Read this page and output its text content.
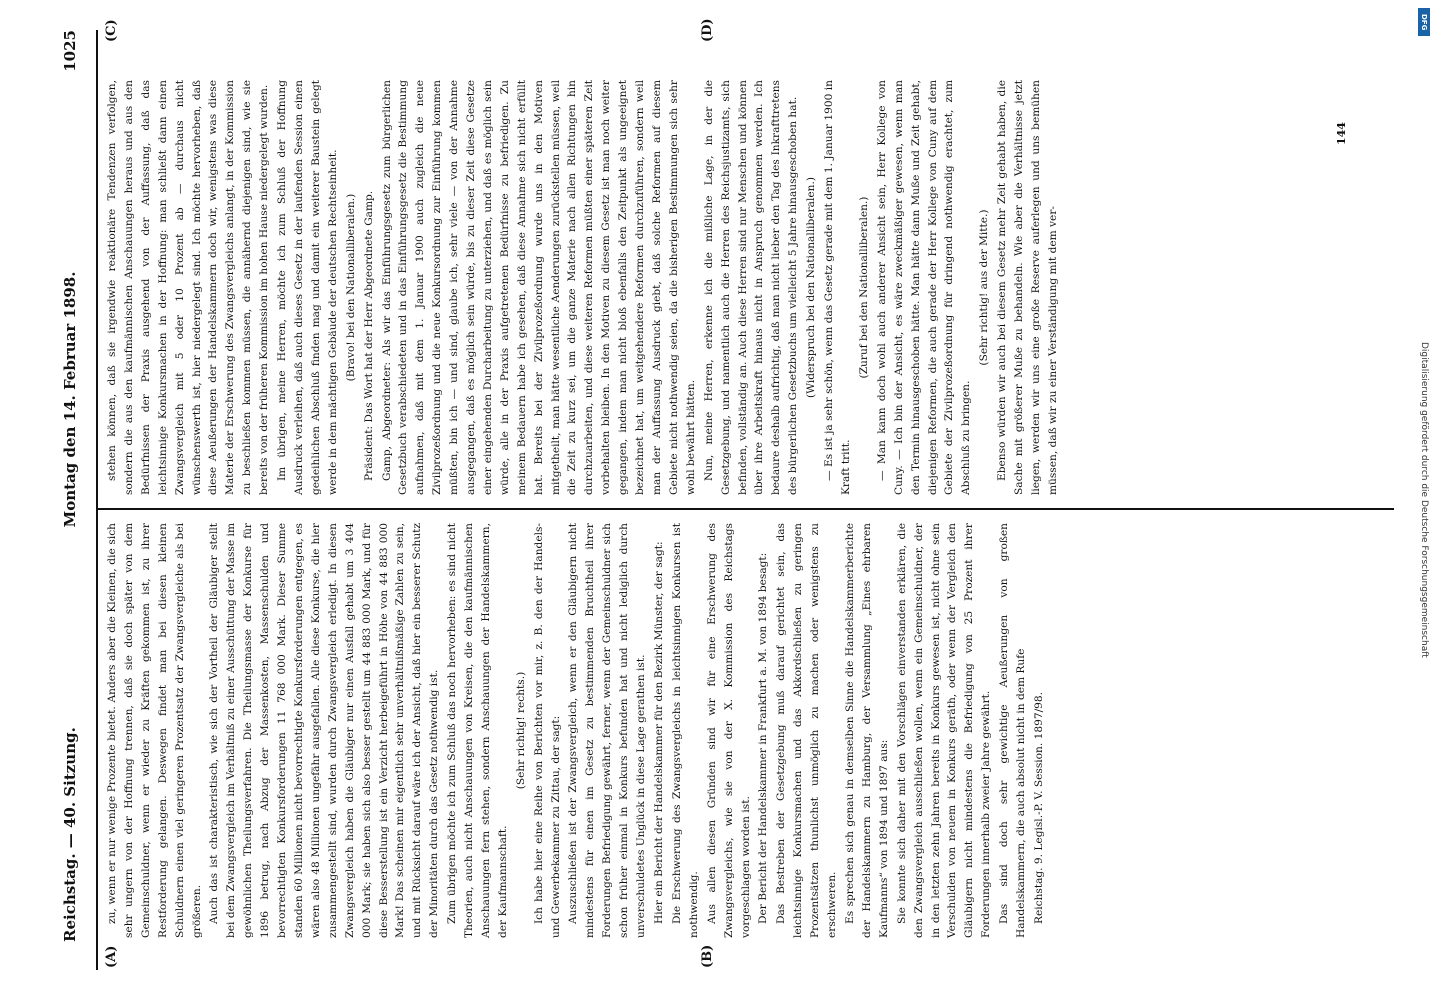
Reichstag. — 40. Sitzung.
Montag den 14. Februar 1898.
1025
(A)	(B)
(C)	(D)

zu, wenn er nur wenige Prozente bietet. Anders aber die Kleinen, die sich sehr ungern von der Hoffnung trennen, daß sie doch später von dem Gemeinschuldner, wenn er wieder zu Kräften gekommen ist, zu ihrer Restforderung gelangen. Deswegen findet man bei diesen kleinen Schuldnern einen viel geringeren Prozentsatz der Zwangsvergleiche als bei größeren. Auch das ist charakteristisch, wie sich der Vortheil der Gläubiger stellt bei dem Zwangsvergleich im Verhältniß zu einer Ausschüttung der Masse im gewöhnlichen Theilungsverfahren. Die Theilungsmasse der Konkurse für 1896 betrug, nach Abzug der Massenkosten, Massenschulden und bevorrechtigten Konkursforderungen 11 768 000 Mark. Dieser Summe standen 60 Millionen nicht bevorrechtigte Konkursforderungen entgegen, es wären also 48 Millionen ungefähr ausgefallen. Alle diese Konkurse, die hier zusammengestellt sind, wurden durch Zwangsvergleich erledigt. In diesen Zwangsvergleich haben die Gläubiger nur einen Ausfall gehabt um 3 404 000 Mark; sie haben sich also besser gestellt um 44 883 000 Mark, und für diese Besserstellung ist ein Verzicht herbeigeführt in Höhe von 44 883 000 Mark! Das scheinen mir eigentlich sehr unverhältnißmäßige Zahlen zu sein, und mit Rücksicht darauf wäre ich der Ansicht, daß hier ein besserer Schutz der Minoritäten durch das Gesetz nothwendig ist. Zum übrigen möchte ich zum Schluß das noch hervorheben: es sind nicht Theorien, auch nicht Anschauungen von Kreisen, die den kaufmännischen Anschauungen fern stehen, sondern Anschauungen der Handelskammern, der Kaufmannschaft.

(Sehr richtig! rechts.) Ich habe hier eine Reihe von Berichten vor mir, z. B. den der Handels- und Gewerbekammer zu Zittau, der sagt: Auszuschließen ist der Zwangsvergleich, wenn er den Gläubigern nicht mindestens für einen im Gesetz zu bestimmenden Bruchtheil ihrer Forderungen Befriedigung gewährt, ferner, wenn der Gemeinschuldner sich schon früher einmal in Konkurs befunden hat und nicht lediglich durch unverschuldetes Unglück in diese Lage gerathen ist. Hier ein Bericht der Handelskammer für den Bezirk Münster, der sagt: Die Erschwerung des Zwangsvergleichs in leichtsinnigen Konkursen ist nothwendig. Aus allen diesen Gründen sind wir für eine Erschwerung des Zwangsvergleichs, wie sie von der X. Kommission des Reichstags vorgeschlagen worden ist. Der Bericht der Handelskammer in Frankfurt a. M. von 1894 besagt: Das Bestreben der Gesetzgebung muß darauf gerichtet sein, das leichtsinnige Konkursmachen und das Akkordschließen zu geringen Prozentsätzen thunlichst unmöglich zu machen oder wenigstens zu erschweren. Es sprechen sich genau in demselben Sinne die Handelskammerberichte der Handelskammern zu Hamburg, der Versammlung „Eines ehrbaren Kaufmanns“ von 1894 und 1897 aus: Sie konnte sich daher mit den Vorschlägen einverstanden erklären, die den Zwangsvergleich ausschließen wollen, wenn ein Gemeinschuldner, der in den letzten zehn Jahren bereits in Konkurs gewesen ist, nicht ohne sein Verschulden von neuem in Konkurs geräth, oder wenn der Vergleich den Gläubigern nicht mindestens die Befriedigung von 25 Prozent ihrer Forderungen innerhalb zweier Jahre gewährt. Das sind doch sehr gewichtige Aeußerungen von großen Handelskammern, die auch absolut nicht in dem Rufe Reichstag. 9. Legisl.-P. V. Session. 1897/98.

stehen können, daß sie irgendwie reaktionäre Tendenzen verfolgen, sondern die aus den kaufmännischen Anschauungen heraus und aus den Bedürfnissen der Praxis ausgehend von der Auffassung, daß das leichtsinnige Konkursmachen in der Hoffnung: man schließt dann einen Zwangsvergleich mit 5 oder 10 Prozent ab — durchaus nicht wünschenswerth ist, hier niedergelegt sind. Ich möchte hervorheben, daß diese Aeußerungen der Handelskammern doch wir, wenigstens was diese Materie der Erschwerung des Zwangsvergleichs anlangt, in der Kommission zu beschließen kommen müssen, die annähernd diejenigen sind, wie sie bereits von der früheren Kommission im hohen Hause niedergelegt wurden. Im übrigen, meine Herren, möchte ich zum Schluß der Hoffnung Ausdruck verleihen, daß auch dieses Gesetz in der laufenden Session einen gedeihlichen Abschluß finden mag und damit ein weiterer Baustein gelegt werde in dem mächtigen Gebäude der deutschen Rechtseinheit. (Bravo! bei den Nationalliberalen.) Präsident: Das Wort hat der Herr Abgeordnete Gamp. Gamp, Abgeordneter: Als wir das Einführungsgesetz zum bürgerlichen Gesetzbuch verabschiedeten und in das Einführungsgesetz die Bestimmung aufnahmen, daß mit dem 1. Januar 1900 auch zugleich die neue Zivilprozeßordnung und die neue Konkursordnung zur Einführung kommen müßten, bin ich — und sind, glaube ich, sehr viele — von der Annahme ausgegangen, daß es möglich sein würde, bis zu dieser Zeit diese Gesetze einer eingehenden Durcharbeitung zu unterziehen, und daß es möglich sein würde, alle in der Praxis aufgetretenen Bedürfnisse zu befriedigen. Zu meinem Bedauern habe ich gesehen, daß diese Annahme sich nicht erfüllt hat. Bereits bei der Zivilprozeßordnung wurde uns in den Motiven mitgetheilt, man hätte wesentliche Aenderungen zurückstellen müssen, weil die Zeit zu kurz sei, um die ganze Materie nach allen Richtungen hin durchzuarbeiten, und diese weiteren Reformen müßten einer späteren Zeit vorbehalten bleiben. In den Motiven zu diesem Gesetz ist man noch weiter gegangen, indem man nicht bloß ebenfalls den Zeitpunkt als ungeeignet bezeichnet hat, um weitgehendere Reformen durchzuführen, sondern weil man der Auffassung Ausdruck giebt, daß solche Reformen auf diesem Gebiete nicht nothwendig seien, da die bisherigen Bestimmungen sich sehr wohl bewährt hätten. Nun, meine Herren, erkenne ich die mißliche Lage, in der die Gesetzgebung, und namentlich auch die Herren des Reichsjustizamts, sich befinden, vollständig an. Auch diese Herren sind nur Menschen und können über ihre Arbeitskraft hinaus nicht in Anspruch genommen werden. Ich bedaure deshalb aufrichtig, daß man nicht lieber den Tag des Inkrafttretens des bürgerlichen Gesetzbuchs um vielleicht 5 Jahre hinausgeschoben hat. (Widerspruch bei den Nationalliberalen.) — Es ist ja sehr schön, wenn das Gesetz gerade mit dem 1. Januar 1900 in Kraft tritt.

(Zuruf bei den Nationalliberalen.) — Man kann doch wohl auch anderer Ansicht sein, Herr Kollege von Cuny. — Ich bin der Ansicht, es wäre zweckmäßiger gewesen, wenn man den Termin hinausgeschoben hätte. Man hätte dann Muße und Zeit gehabt, diejenigen Reformen, die auch gerade der Herr Kollege von Cuny auf dem Gebiete der Zivilprozeßordnung für dringend nothwendig erachtet, zum Abschluß zu bringen.

(Sehr richtig! aus der Mitte.) Ebenso würden wir auch bei diesem Gesetz mehr Zeit gehabt haben, die Sache mit größerer Muße zu behandeln. Wie aber die Verhältnisse jetzt liegen, werden wir uns eine große Reserve auferlegen und uns bemühen müssen, daß wir zu einer Verständigung mit dem ver-

144
DFG
Digitalisierung gefördert durch die Deutsche Forschungsgemeinschaft
